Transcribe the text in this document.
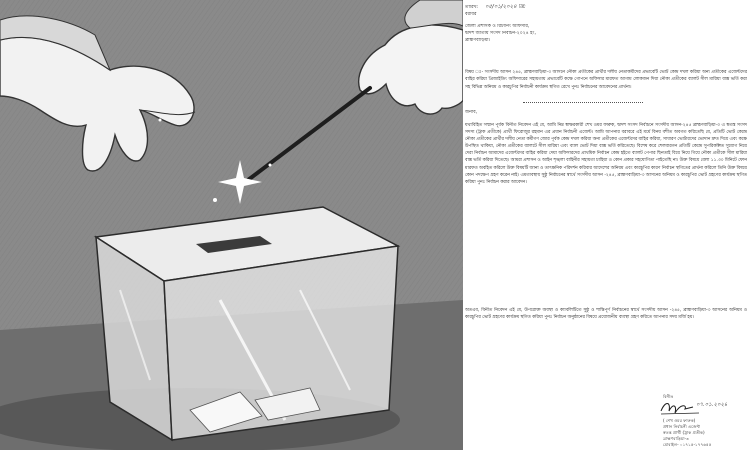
তারিখ: ০৫/০১/২০২৪ খ্রি:
বরাবর
জেলা প্রশাসক ও রিটার্নিং অফিসার,
দ্বাদশ জাতীয় সংসদ নির্বাচন-২০২৪ ইং,
ব্রাহ্মণবাড়িয়া।
বিষয় ঃ- সংসদীয় আসন ২৪৫, ব্রাহ্মণবাড়িয়া-৩ আসনে নৌকা প্রতীকের প্রার্থীর দলীয় নেতাকর্মীদের প্রভাবেটি ভোট কেন্দ্র দখল করিয়া অন্য প্রতীকের এজেন্টদের বাহির করিয়া প্রিজাইডিং অফিসারের সহায়তায় প্রভাবেটি কক্ষে গোপনে অফিসার মারফত আগাম লোকজন দিয়া নৌকা প্রতীকের ব্যালট সীল মারিয়া বাক্স ভর্তি করা সহ বিভিন্ন অনিয়ম ও কারচুপির নির্বাচনী কার্যক্রম স্থগিত রেখে পুনঃ নির্বাচনের আবেদনের প্রার্থনা।
জনাব,
যথাবিহিত সম্মান পূর্বক বিনীত নিবেদন এই যে, আমি নিম্ন স্বাক্ষরকারী শেখ ওমর ফারুক, দ্বাদশ সংসদ নির্বাচনে সংসদীয় আসন-২৪৫ ব্রাহ্মণবাড়িয়া-৩ এ স্বতন্ত্র সংসদ সদস্য (ট্রাক প্রতীকে) প্রার্থী ফিরোজুর রহমান এর প্রধান নির্বাচনী এজেন্ট। আমি আপনার বরাবরে এই মর্মে বিনয় বশীত অবগত করিতেছি যে, প্রতিটি ভোট কেন্দ্রে নৌকা প্রতীকের প্রার্থীর দলীয় নেতা কর্মীগণ জোর পূর্বক কেন্দ্র দখল করিয়া অন্য প্রতীকের এজেন্টদের বাহির করিয়া, সাধারণ ভোটারদের ভোদান দ্রুত দিয়ে এবং কক্ষে উপস্থিত থাকিয়া, নৌকা প্রতীকের ব্যালটে সীল মারিয়া এবং ব্যাল ভোট দিয়া বাক্স ভর্তি করিতেছে। বিশেষ করে শেলবারগন প্রতিটি কেন্দ্রে সুপরিকল্পিত সুযোগ নিয়ে দেরা নির্বাচন আমাদের এজেন্টদের বাহির করিয়া দেয়া অফিসারদের প্রাথমিক নির্বাচন কেন্দ্র হইতে ব্যালট পেপার ছিনতাই বিয়ে নিয়ে গিয়ে নৌকা প্রতীকে সীল মারিয়া বাক্স ভর্তি করিয়া দিতেছে। আমরা প্রশাসন ও আইন শৃঙ্খলা বাহিনীর সহায়তা চাহিয়া ও কোন প্রকার সহযোগিতা পাইতেছি না। উক্ত বিষয়ে বেলা ১১.৩০ মিনিটে ফোন মারফত অবহিত করিলে উক্ত বিষয়টি জানা ও তাৎক্ষনিক পরিদর্শন করিবার আদেশের অনিয়ম এবং কারচুপির কারণ নির্বাচন স্থগিতের প্রার্থনা করিলে তিনি উক্ত বিষয়ে কোন পদক্ষেপ গ্রহণ করেন নাই। এমতাবস্থায় সুষ্ঠু নির্বাচনের স্বার্থে সংসদীয় আসন -২৪৫, ব্রাহ্মণবাড়িয়া-৩ আসনের অনিয়ম ও কারচুপির ভোট গ্রহণের কার্যক্রম স্থগিত করিয়া পুনঃ নির্বাচন করার আবেদন।
অতএব, বিনীত নিবেদন এই যে, উপরোক্ত অবস্থা ও ক্যাবলিটিতে সুষ্ঠু ও শান্তিপূর্ণ নির্বাচনের স্বার্থে সংসদীয় আসন -২৪৫, ব্রাহ্মণবাড়িয়া-৩ আসনের অনিয়ম ও কারচুপির ভোট গ্রহণের কার্যক্রম স্থগিত করিয়া পুনঃ নির্বাচন অনুষ্ঠানের বিষয়ে প্রয়োজনীয় ব্যবস্থা গ্রহণ করিতে আপনার সদয় মর্জি হয়।
বিনীত
০৭.০১.২০২৪
( শেখ ওমর ফারুক)
প্রধান নির্বাচনী এজেন্ট
স্বতন্ত্র প্রার্থী (ট্রাক প্রতীক)
ব্রাহ্মণবাড়িয়া-৩
মোবাইল- ০১৭১৫-১৭৭৬৫৫
